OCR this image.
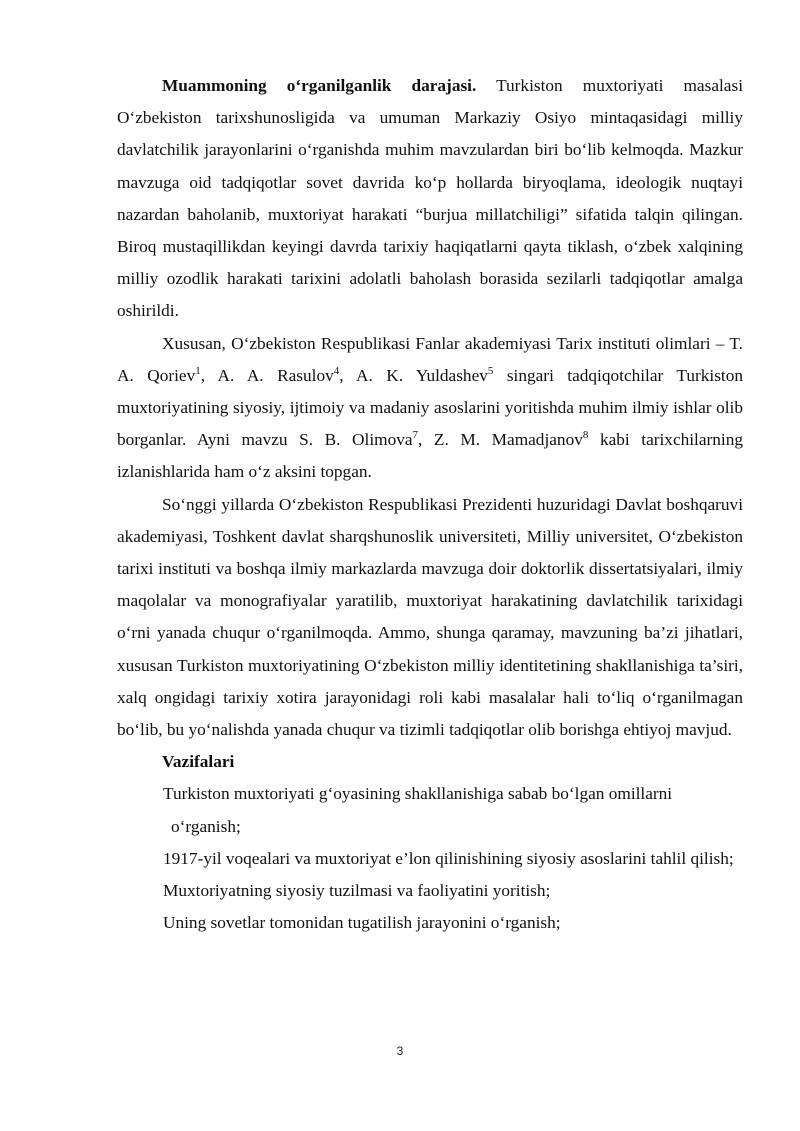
Muammoning o‘rganilganlik darajasi. Turkiston muxtoriyati masalasi O‘zbekiston tarixshunosligida va umuman Markaziy Osiyo mintaqasidagi milliy davlatchilik jarayonlarini o‘rganishda muhim mavzulardan biri bo‘lib kelmoqda. Mazkur mavzuga oid tadqiqotlar sovet davrida ko‘p hollarda biryoqlama, ideologik nuqtayi nazardan baholanib, muxtoriyat harakati “burjua millatchiligi” sifatida talqin qilingan. Biroq mustaqillikdan keyingi davrda tarixiy haqiqatlarni qayta tiklash, o‘zbek xalqining milliy ozodlik harakati tarixini adolatli baholash borasida sezilarli tadqiqotlar amalga oshirildi.

Xususan, O‘zbekiston Respublikasi Fanlar akademiyasi Tarix instituti olimlari – T. A. Qoriev$^1$, A. A. Rasulov$^4$, A. K. Yuldashev$^5$ singari tadqiqotchilar Turkiston muxtoriyatining siyosiy, ijtimoiy va madaniy asoslarini yoritishda muhim ilmiy ishlar olib borganlar. Ayni mavzu S. B. Olimova$^7$, Z. M. Mamadjanov$^8$ kabi tarixchilarning izlanishlarida ham o‘z aksini topgan.

So‘nggi yillarda O‘zbekiston Respublikasi Prezidenti huzuridagi Davlat boshqaruvi akademiyasi, Toshkent davlat sharqshunoslik universiteti, Milliy universitet, O‘zbekiston tarixi instituti va boshqa ilmiy markazlarda mavzuga doir doktorlik dissertatsiyalari, ilmiy maqolalar va monografiyalar yaratilib, muxtoriyat harakatining davlatchilik tarixidagi o‘rni yanada chuqur o‘rganilmoqda. Ammo, shunga qaramay, mavzuning ba’zi jihatlari, xususan Turkiston muxtoriyatining O‘zbekiston milliy identitetining shakllanishiga ta’siri, xalq ongidagi tarixiy xotira jarayonidagi roli kabi masalalar hali to‘liq o‘rganilmagan bo‘lib, bu yo‘nalishda yanada chuqur va tizimli tadqiqotlar olib borishga ehtiyoj mavjud.

Vazifalari

Turkiston muxtoriyati g‘oyasining shakllanishiga sabab bo‘lgan omillarni
o‘rganish;

1917-yil voqealari va muxtoriyat e’lon qilinishining siyosiy asoslarini tahlil qilish;

Muxtoriyatning siyosiy tuzilmasi va faoliyatini yoritish;

Uning sovetlar tomonidan tugatilish jarayonini o‘rganish;

3
